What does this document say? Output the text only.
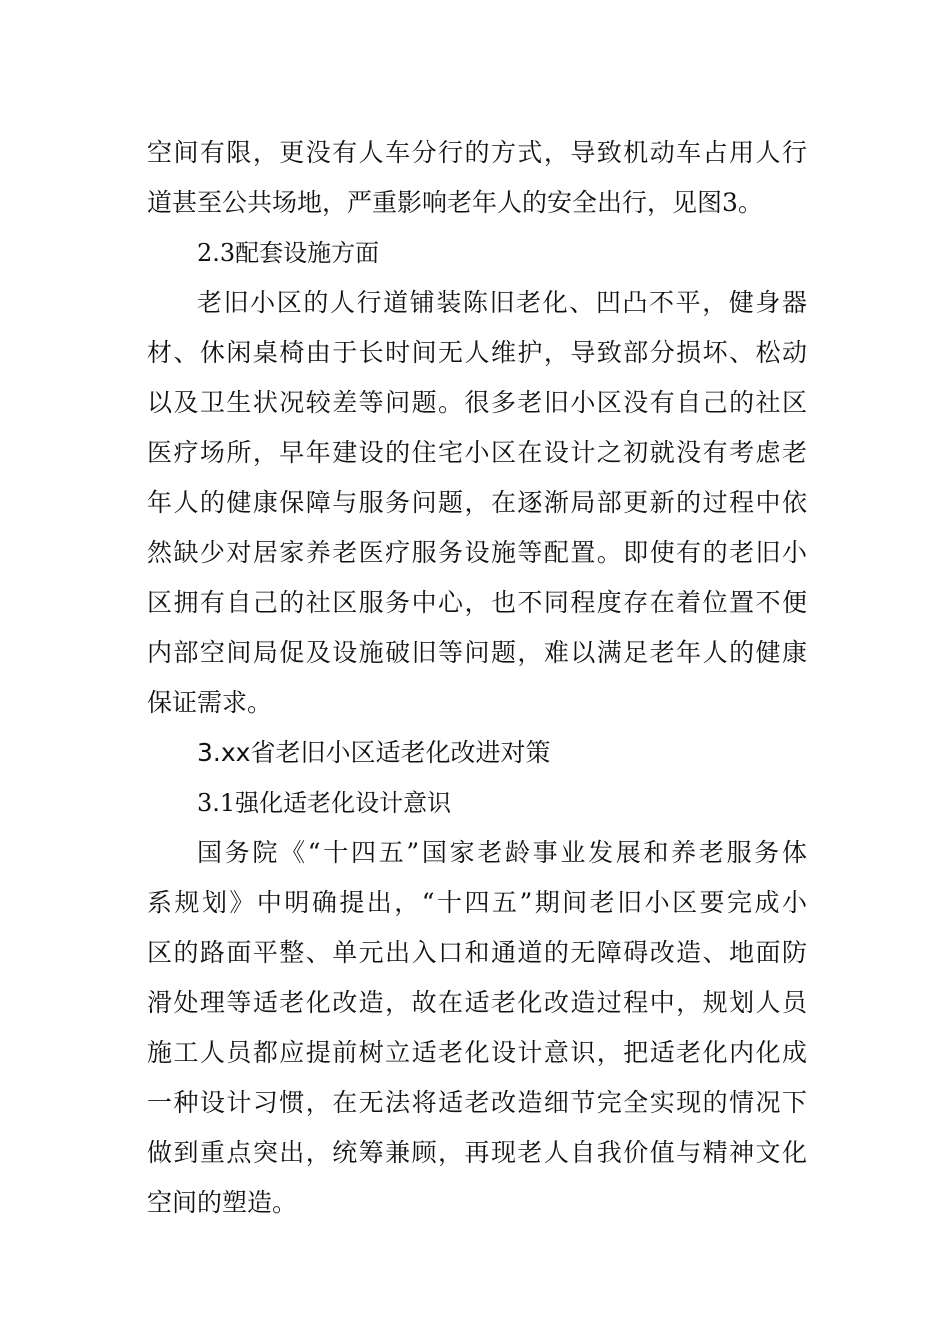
空间有限，更没有人车分行的方式，导致机动车占用人行
道甚至公共场地，严重影响老年人的安全出行，见图3。
2.3配套设施方面
老旧小区的人行道铺装陈旧老化、凹凸不平，健身器
材、休闲桌椅由于长时间无人维护，导致部分损坏、松动
以及卫生状况较差等问题。很多老旧小区没有自己的社区
医疗场所，早年建设的住宅小区在设计之初就没有考虑老
年人的健康保障与服务问题，在逐渐局部更新的过程中依
然缺少对居家养老医疗服务设施等配置。即使有的老旧小
区拥有自己的社区服务中心，也不同程度存在着位置不便
内部空间局促及设施破旧等问题，难以满足老年人的健康
保证需求。
3.xx省老旧小区适老化改进对策
3.1强化适老化设计意识
国务院《“十四五”国家老龄事业发展和养老服务体
系规划》中明确提出，“十四五”期间老旧小区要完成小
区的路面平整、单元出入口和通道的无障碍改造、地面防
滑处理等适老化改造，故在适老化改造过程中，规划人员
施工人员都应提前树立适老化设计意识，把适老化内化成
一种设计习惯，在无法将适老改造细节完全实现的情况下
做到重点突出，统筹兼顾，再现老人自我价值与精神文化
空间的塑造。
